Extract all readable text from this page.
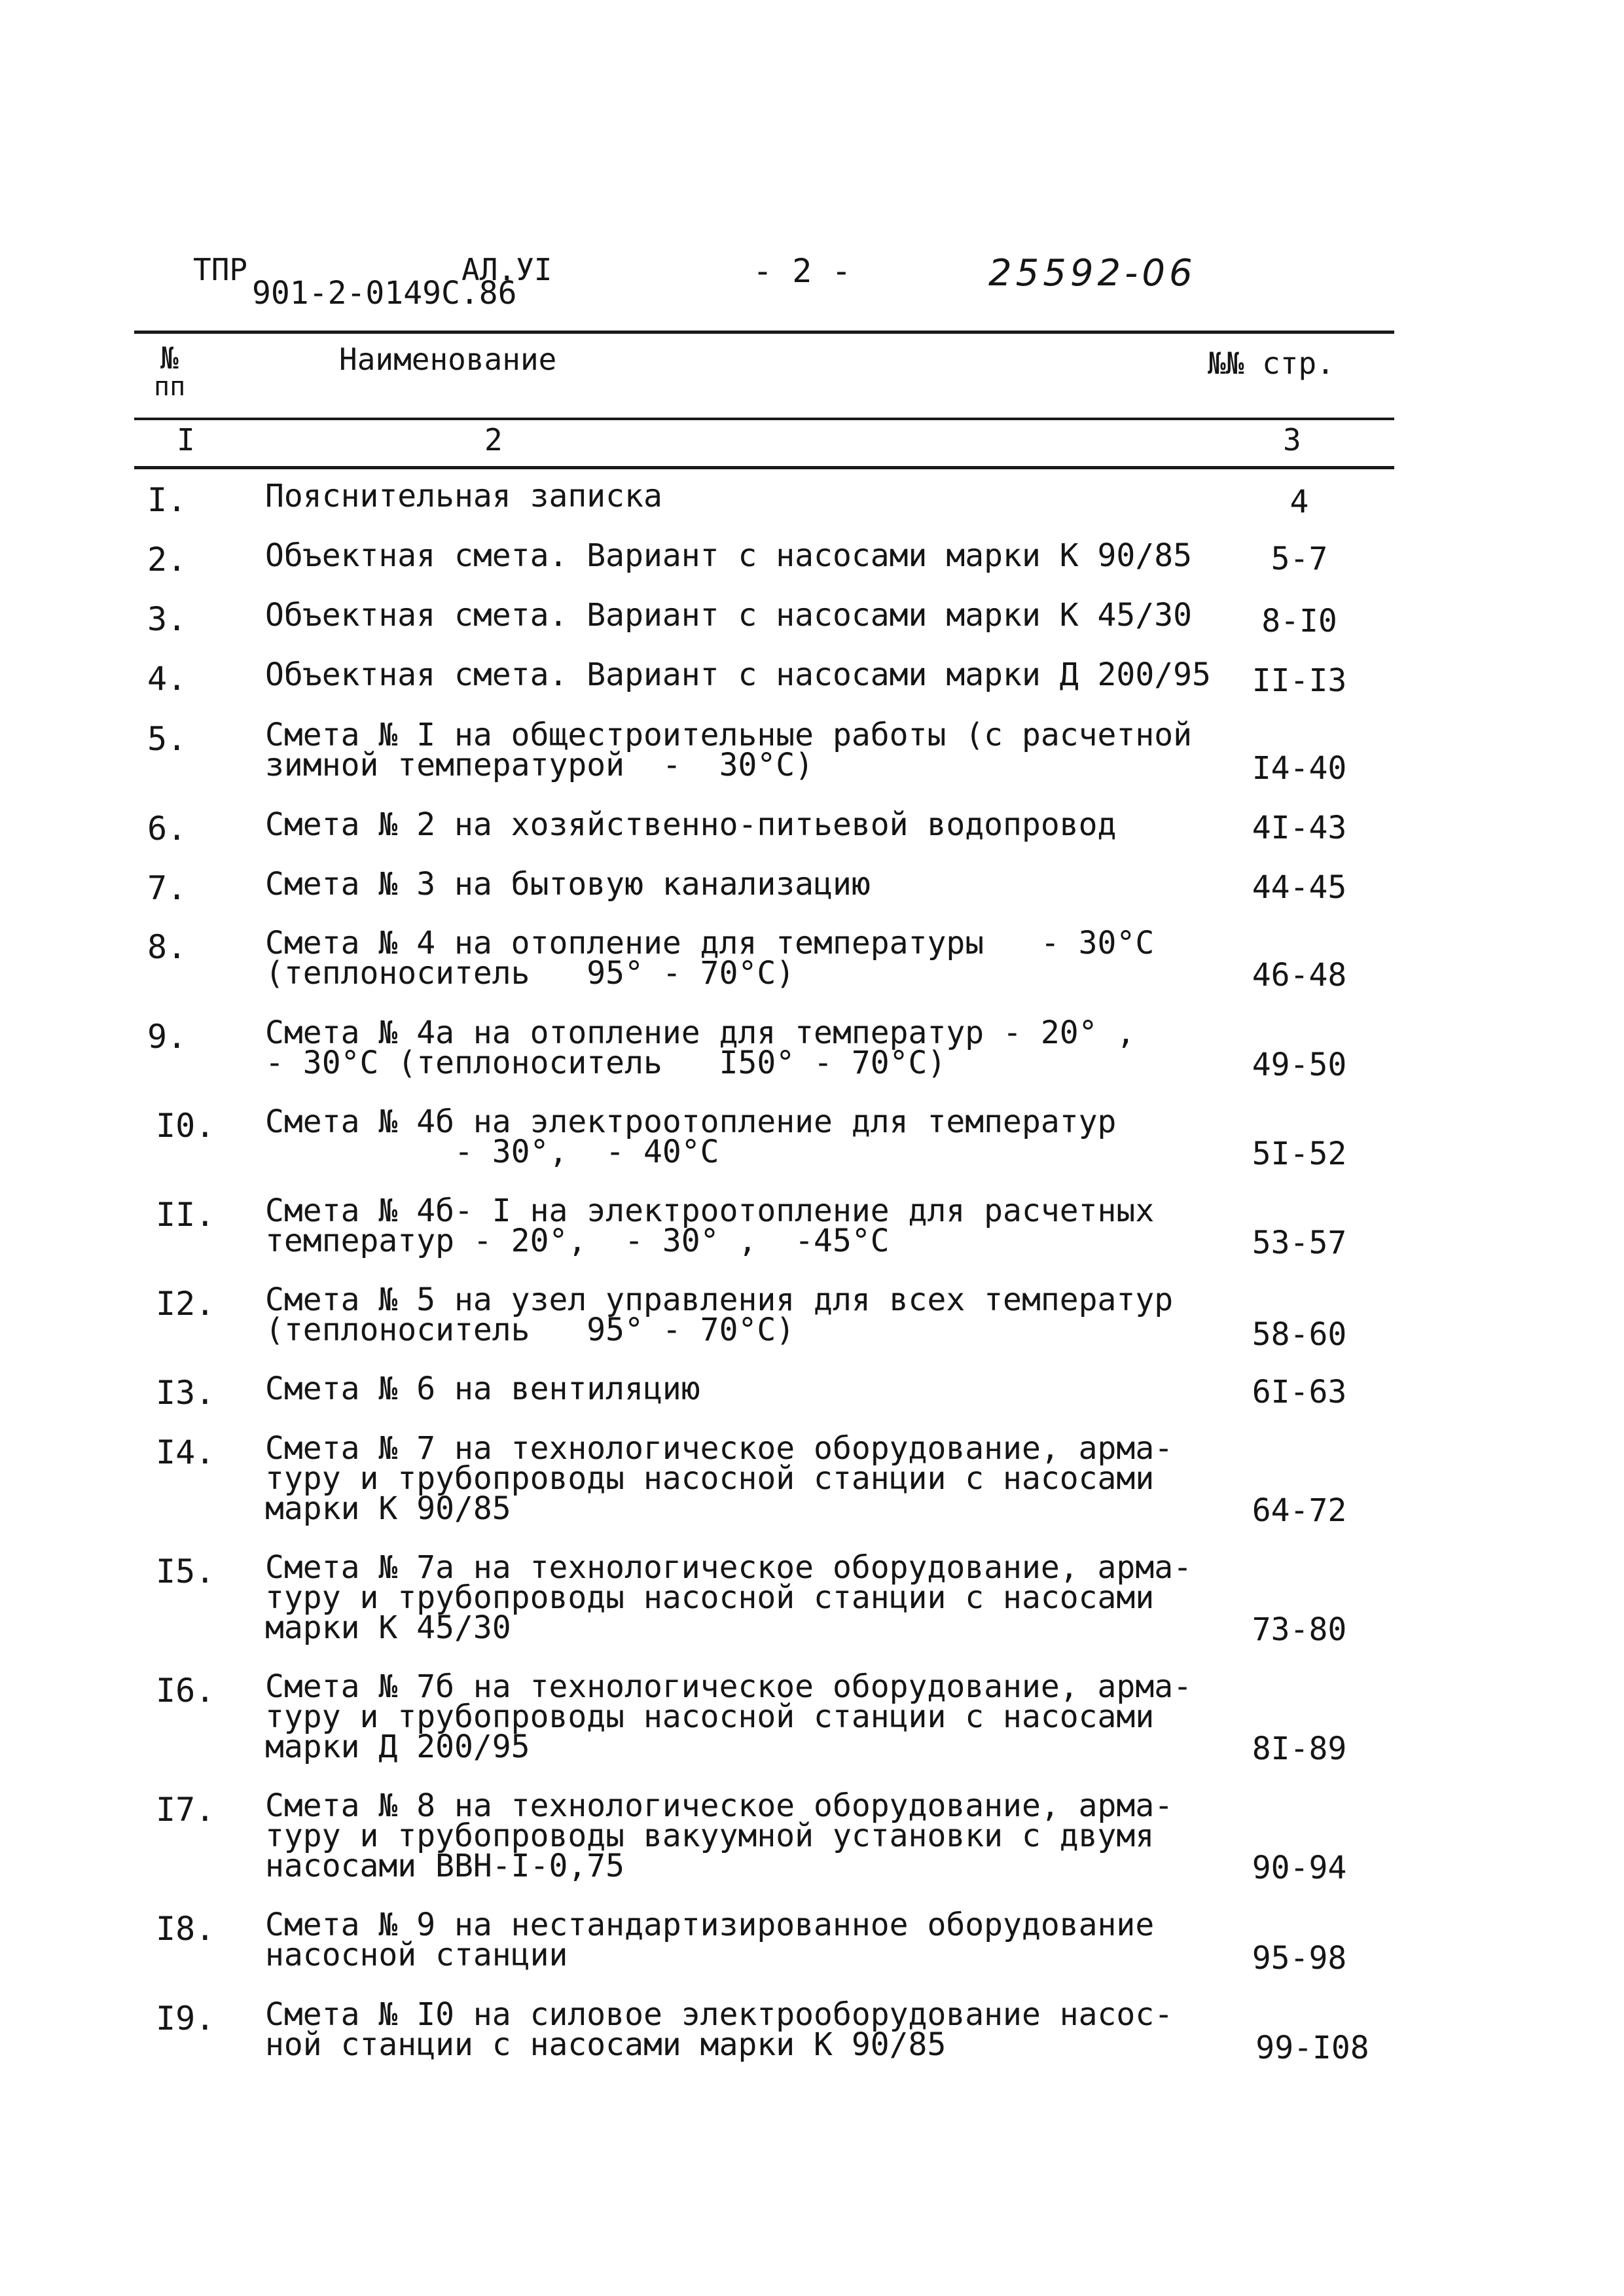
ТПР
901-2-0149С.86
АЛ.УI	- 2 -	25592-06
№
пп
Наименование	№№ стр.
I	2	3
I. Пояснительная записка	4
2. Объектная смета. Вариант с насосами марки К 90/85	5-7
3. Объектная смета. Вариант с насосами марки К 45/30	8-I0
4. Объектная смета. Вариант с насосами марки Д 200/95	II-I3
5. Смета № I на общестроительные работы (с расчетной
зимной температурой  -  30°С)	I4-40
6. Смета № 2 на хозяйственно-питьевой водопровод	4I-43
7. Смета № 3 на бытовую канализацию	44-45
8. Смета № 4 на отопление для температуры   - 30°С
(теплоноситель   95° - 70°С)	46-48
9. Смета № 4а на отопление для температур - 20° ,
- 30°С (теплоноситель   I50° - 70°С)	49-50
I0. Смета № 4б на электроотопление для температур
- 30°,  - 40°С	5I-52
II. Смета № 4б- I на электроотопление для расчетных
температур - 20°,  - 30° ,  -45°С	53-57
I2. Смета № 5 на узел управления для всех температур
(теплоноситель   95° - 70°С)	58-60
I3. Смета № 6 на вентиляцию	6I-63
I4. Смета № 7 на технологическое оборудование, арма-
туру и трубопроводы насосной станции с насосами
марки К 90/85	64-72
I5. Смета № 7а на технологическое оборудование, арма-
туру и трубопроводы насосной станции с насосами
марки К 45/30	73-80
I6. Смета № 7б на технологическое оборудование, арма-
туру и трубопроводы насосной станции с насосами
марки Д 200/95	8I-89
I7. Смета № 8 на технологическое оборудование, арма-
туру и трубопроводы вакуумной установки с двумя
насосами ВВН-I-0,75	90-94
I8. Смета № 9 на нестандартизированное оборудование
насосной станции	95-98
I9. Смета № I0 на силовое электрооборудование насос-
ной станции с насосами марки К 90/85	99-I08
